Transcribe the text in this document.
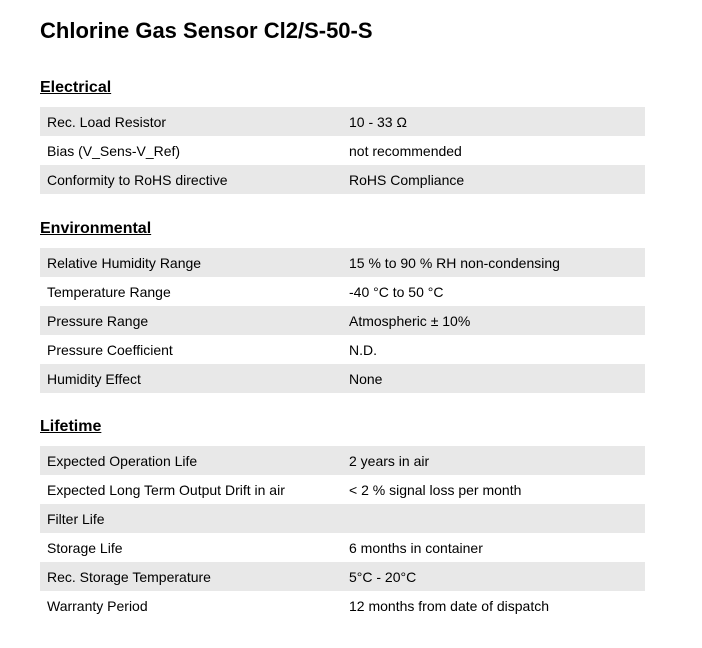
Chlorine Gas Sensor Cl2/S-50-S
Electrical
Rec. Load Resistor	10 - 33 Ω
Bias (V_Sens-V_Ref)	not recommended
Conformity to RoHS directive	RoHS Compliance
Environmental
Relative Humidity Range	15 % to 90 % RH non-condensing
Temperature Range	-40 °C to 50 °C
Pressure Range	Atmospheric ± 10%
Pressure Coefficient	N.D.
Humidity Effect	None
Lifetime
Expected Operation Life	2 years in air
Expected Long Term Output Drift in air	< 2 % signal loss per month
Filter Life	
Storage Life	6 months in container
Rec. Storage Temperature	5°C - 20°C
Warranty Period	12 months from date of dispatch
